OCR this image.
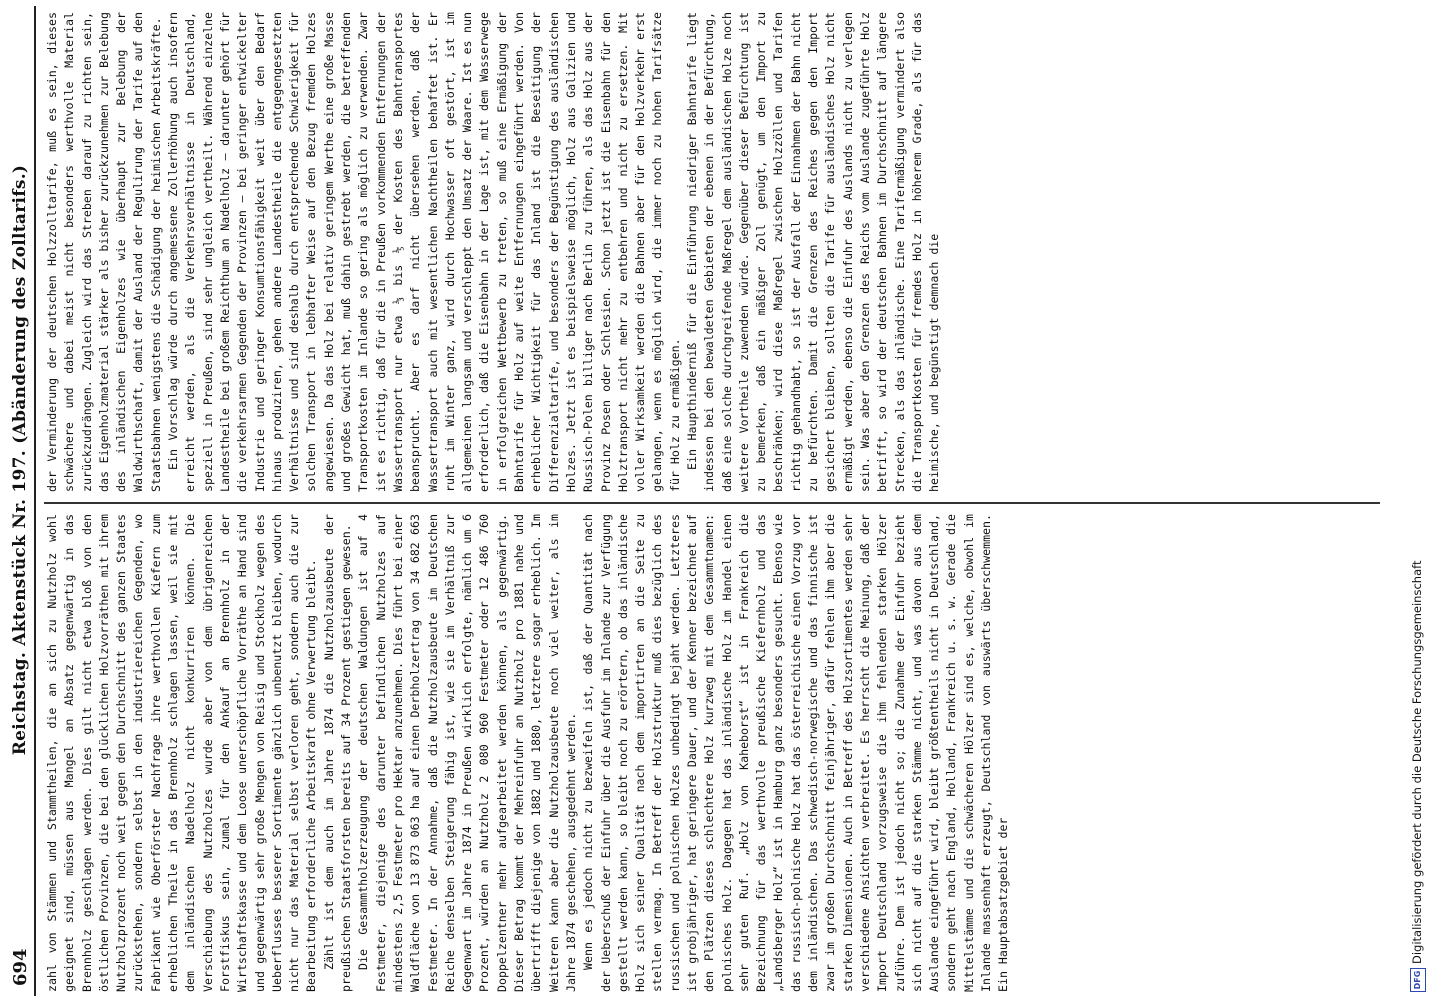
694
Reichstag. Aktenstück Nr. 197. (Abänderung des Zolltarifs.) zahl von Stämmen und Stammtheilen, die an sich zu Nutzholz wohl geeignet sind, müssen aus Mangel an Absatz gegenwärtig in das Brennholz geschlagen werden. Dies gilt nicht etwa bloß von den östlichen Provinzen, die bei den glücklichen Holzvorräthen mit ihrem Nutzholzprozent noch weit gegen den Durchschnitt des ganzen Staates zurückstehen, sondern selbst in den industriereichen Gegenden, wo Fabrikant wie Oberförster Nachfrage ihre werthvollen Kiefern zum erheblichen Theile in das Brennholz schlagen lassen, weil sie mit dem inländischen Nadelholz nicht konkurriren können. Die Verschiebung des Nutzholzes wurde aber von dem übrigenreichen Forstfiskus sein, zumal für den Ankauf an Brennholz in der Wirtschaftskasse und dem Loose unerschöpfliche Vorräthe an Hand sind und gegenwärtig sehr große Mengen von Reisig und Stockholz wegen des Ueberflusses besserer Sortimente gänzlich unbenutzt bleiben, wodurch nicht nur das Material selbst verloren geht, sondern auch die zur Bearbeitung erforderliche Arbeitskraft ohne Verwertung bleibt. Zählt ist dem auch im Jahre 1874 die Nutzholzausbeute der preußischen Staatsforsten bereits auf 34 Prozent gestiegen gewesen. Die Gesammtholzerzeugung der deutschen Waldungen ist auf 4 Festmeter, diejenige des darunter befindlichen Nutzholzes auf mindestens 2,5 Festmeter pro Hektar anzunehmen. Dies führt bei einer Waldfläche von 13 873 063 ha auf einen Derbholzertrag von 34 682 663 Festmeter. In der Annahme, daß die Nutzholzausbeute im Deutschen Reiche denselben Steigerung fähig ist, wie sie im Verhältniß zur Gegenwart im Jahre 1874 in Preußen wirklich erfolgte, nämlich um 6 Prozent, würden an Nutzholz 2 080 960 Festmeter oder 12 486 760 Doppelzentner mehr aufgearbeitet werden können, als gegenwärtig. Dieser Betrag kommt der Mehreinfuhr an Nutzholz pro 1881 nahe und übertrifft diejenige von 1882 und 1880, letztere sogar erheblich. Im Weiteren kann aber die Nutzholzausbeute noch viel weiter, als im Jahre 1874 geschehen, ausgedehnt werden. Wenn es jedoch nicht zu bezweifeln ist, daß der Quantität nach der Ueberschuß der Einfuhr über die Ausfuhr im Inlande zur Verfügung gestellt werden kann, so bleibt noch zu erörtern, ob das inländische Holz sich seiner Qualität nach dem importirten an die Seite zu stellen vermag. In Betreff der Holzstruktur muß dies bezüglich des russischen und polnischen Holzes unbedingt bejaht werden. Letzteres ist grobjähriger, hat geringere Dauer, und der Kenner bezeichnet auf den Plätzen dieses schlechtere Holz kurzweg mit dem Gesammtnamen: polnisches Holz. Dagegen hat das inländische Holz im Handel einen sehr guten Ruf. „Holz von Kaheborst“ ist in Frankreich die Bezeichnung für das werthvolle preußische Kiefernholz und das „Landsberger Holz“ ist in Hamburg ganz besonders gesucht. Ebenso wie das russisch-polnische Holz hat das österreichische einen Vorzug vor dem inländischen. Das schwedisch-norwegische und das finnische ist zwar im großen Durchschnitt feinjähriger, dafür fehlen ihm aber die starken Dimensionen. Auch in Betreff des Holzsortimentes werden sehr verschiedene Ansichten verbreitet. Es herrscht die Meinung, daß der Import Deutschland vorzugsweise die ihm fehlenden starken Hölzer zuführe. Dem ist jedoch nicht so; die Zunahme der Einfuhr bezieht sich nicht auf die starken Stämme nicht, und was davon aus dem Auslande eingeführt wird, bleibt größtentheils nicht in Deutschland, sondern geht nach England, Holland, Frankreich u. s. w. Gerade die Mittelstämme und die schwächeren Hölzer sind es, welche, obwohl im Inlande massenhaft erzeugt, Deutschland von auswärts überschwemmen. Ein Hauptabsatzgebiet der

der Verminderung der deutschen Holzzolltarife, muß es sein, dieses schwächere und dabei meist nicht besonders werthvolle Material zurückzudrängen. Zugleich wird das Streben darauf zu richten sein, das Eigenholzmaterial stärker als bisher zurückzunehmen zur Belebung des inländischen Eigenholzes wie überhaupt zur Belebung der Waldwirthschaft, damit der Ausland der Regulirung der Tarife auf den Staatsbahnen wenigstens die Schädigung der heimischen Arbeitskräfte. Ein Vorschlag würde durch angemessene Zollerhöhung auch insofern erreicht werden, als die Verkehrsverhältnisse in Deutschland, speziell in Preußen, sind sehr ungleich vertheilt. Während einzelne Landestheile bei großem Reichthum an Nadelholz — darunter gehört für die verkehrsarmen Gegenden der Provinzen — bei geringer entwickelter Industrie und geringer Konsumtionsfähigkeit weit über den Bedarf hinaus produziren, gehen andere Landestheile die entgegengesetzten Verhältnisse und sind deshalb durch entsprechende Schwierigkeit für solchen Transport in lebhafter Weise auf den Bezug fremden Holzes angewiesen. Da das Holz bei relativ geringem Werthe eine große Masse und großes Gewicht hat, muß dahin gestrebt werden, die betreffenden Transportkosten im Inlande so gering als möglich zu verwenden. Zwar ist es richtig, daß für die in Preußen vorkommenden Entfernungen der Wassertransport nur etwa ⅓ bis ⅕ der Kosten des Bahntransportes beansprucht. Aber es darf nicht übersehen werden, daß der Wassertransport auch mit wesentlichen Nachtheilen behaftet ist. Er ruht im Winter ganz, wird durch Hochwasser oft gestört, ist im allgemeinen langsam und verschleppt den Umsatz der Waare. Ist es nun erforderlich, daß die Eisenbahn in der Lage ist, mit dem Wasserwege in erfolgreichen Wettbewerb zu treten, so muß eine Ermäßigung der Bahntarife für Holz auf weite Entfernungen eingeführt werden. Von erheblicher Wichtigkeit für das Inland ist die Beseitigung der Differenzialtarife, und besonders der Begünstigung des ausländischen Holzes. Jetzt ist es beispielsweise möglich, Holz aus Galizien und Russisch-Polen billiger nach Berlin zu führen, als das Holz aus der Provinz Posen oder Schlesien. Schon jetzt ist die Eisenbahn für den Holztransport nicht mehr zu entbehren und nicht zu ersetzen. Mit voller Wirksamkeit werden die Bahnen aber für den Holzverkehr erst gelangen, wenn es möglich wird, die immer noch zu hohen Tarifsätze für Holz zu ermäßigen. Ein Haupthinderniß für die Einführung niedriger Bahntarife liegt indessen bei den bewaldeten Gebieten der ebenen in der Befürchtung, daß eine solche durchgreifende Maßregel dem ausländischen Holze noch weitere Vortheile zuwenden würde. Gegenüber dieser Befürchtung ist zu bemerken, daß ein mäßiger Zoll genügt, um den Import zu beschränken; wird diese Maßregel zwischen Holzzöllen und Tarifen richtig gehandhabt, so ist der Ausfall der Einnahmen der Bahn nicht zu befürchten. Damit die Grenzen des Reiches gegen den Import gesichert bleiben, sollten die Tarife für ausländisches Holz nicht ermäßigt werden, ebenso die Einfuhr des Auslands nicht zu verlegen sein. Was aber den Grenzen des Reichs vom Auslande zugeführte Holz betrifft, so wird der deutschen Bahnen im Durchschnitt auf längere Strecken, als das inländische. Eine Tarifermäßigung vermindert also die Transportkosten für fremdes Holz in höherem Grade, als für das heimische, und begünstigt demnach die

DFG
Digitalisierung gefördert durch die Deutsche Forschungsgemeinschaft
